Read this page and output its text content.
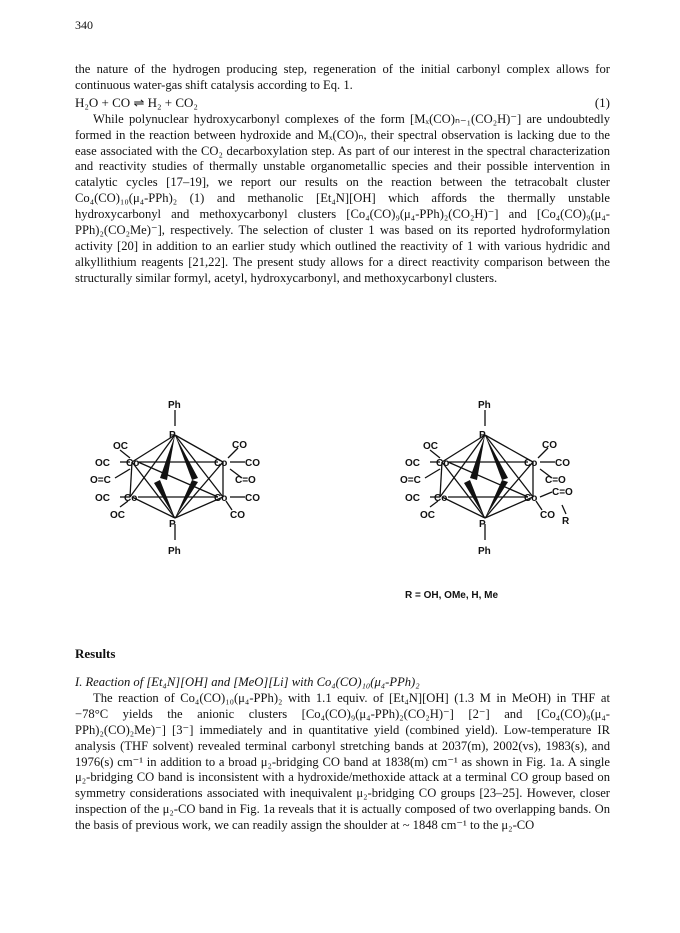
340

the nature of the hydrogen producing step, regeneration of the initial carbonyl complex allows for continuous water-gas shift catalysis according to Eq. 1.

H₂O + CO ⇌ H₂ + CO₂	(1)

While polynuclear hydroxycarbonyl complexes of the form [Mₓ(CO)ₙ₋₁(CO₂H)⁻] are undoubtedly formed in the reaction between hydroxide and Mₓ(CO)ₙ, their spectral observation is lacking due to the ease associated with the CO₂ decarboxylation step. As part of our interest in the spectral characterization and reactivity studies of thermally unstable organometallic species and their possible intervention in catalytic cycles [17–19], we report our results on the reaction between the tetracobalt cluster Co₄(CO)₁₀(μ₄-PPh)₂ (1) and methanolic [Et₄N][OH] which affords the thermally unstable hydroxycarbonyl and methoxycarbonyl clusters [Co₄(CO)₉(μ₄-PPh)₂(CO₂H)⁻] and [Co₄(CO)₉(μ₄-PPh)₂(CO₂Me)⁻], respectively. The selection of cluster 1 was based on its reported hydroformylation activity [20] in addition to an earlier study which outlined the reactivity of 1 with various hydridic and alkyllithium reagents [21,22]. The present study allows for a direct reactivity comparison between the structurally similar formyl, acetyl, hydroxycarbonyl, and methoxycarbonyl clusters.

Ph
P
P
Ph
Co	Co
Co	Co
OC	CO
OC	CO
O=C	C=O
OC	CO
OC	CO
Ph
P
P
Ph
Co	Co
Co	Co
OC	CO
OC	CO
O=C	C=O
OC
C=O
OC	CO
R
R = OH, OMe, H, Me
Results

I. Reaction of [Et₄N][OH] and [MeO][Li] with Co₄(CO)₁₀(μ₄-PPh)₂

The reaction of Co₄(CO)₁₀(μ₄-PPh)₂ with 1.1 equiv. of [Et₄N][OH] (1.3 M in MeOH) in THF at −78°C yields the anionic clusters [Co₄(CO)₉(μ₄-PPh)₂(CO₂H)⁻] [2⁻] and [Co₄(CO)₉(μ₄-PPh)₂(CO)₂Me)⁻] [3⁻] immediately and in quantitative yield (combined yield). Low-temperature IR analysis (THF solvent) revealed terminal carbonyl stretching bands at 2037(m), 2002(vs), 1983(s), and 1976(s) cm⁻¹ in addition to a broad μ₂-bridging CO band at 1838(m) cm⁻¹ as shown in Fig. 1a. A single μ₂-bridging CO band is inconsistent with a hydroxide/methoxide attack at a terminal CO group based on symmetry considerations associated with inequivalent μ₂-bridging CO groups [23–25]. However, closer inspection of the μ₂-CO band in Fig. 1a reveals that it is actually composed of two overlapping bands. On the basis of previous work, we can readily assign the shoulder at ~ 1848 cm⁻¹ to the μ₂-CO
